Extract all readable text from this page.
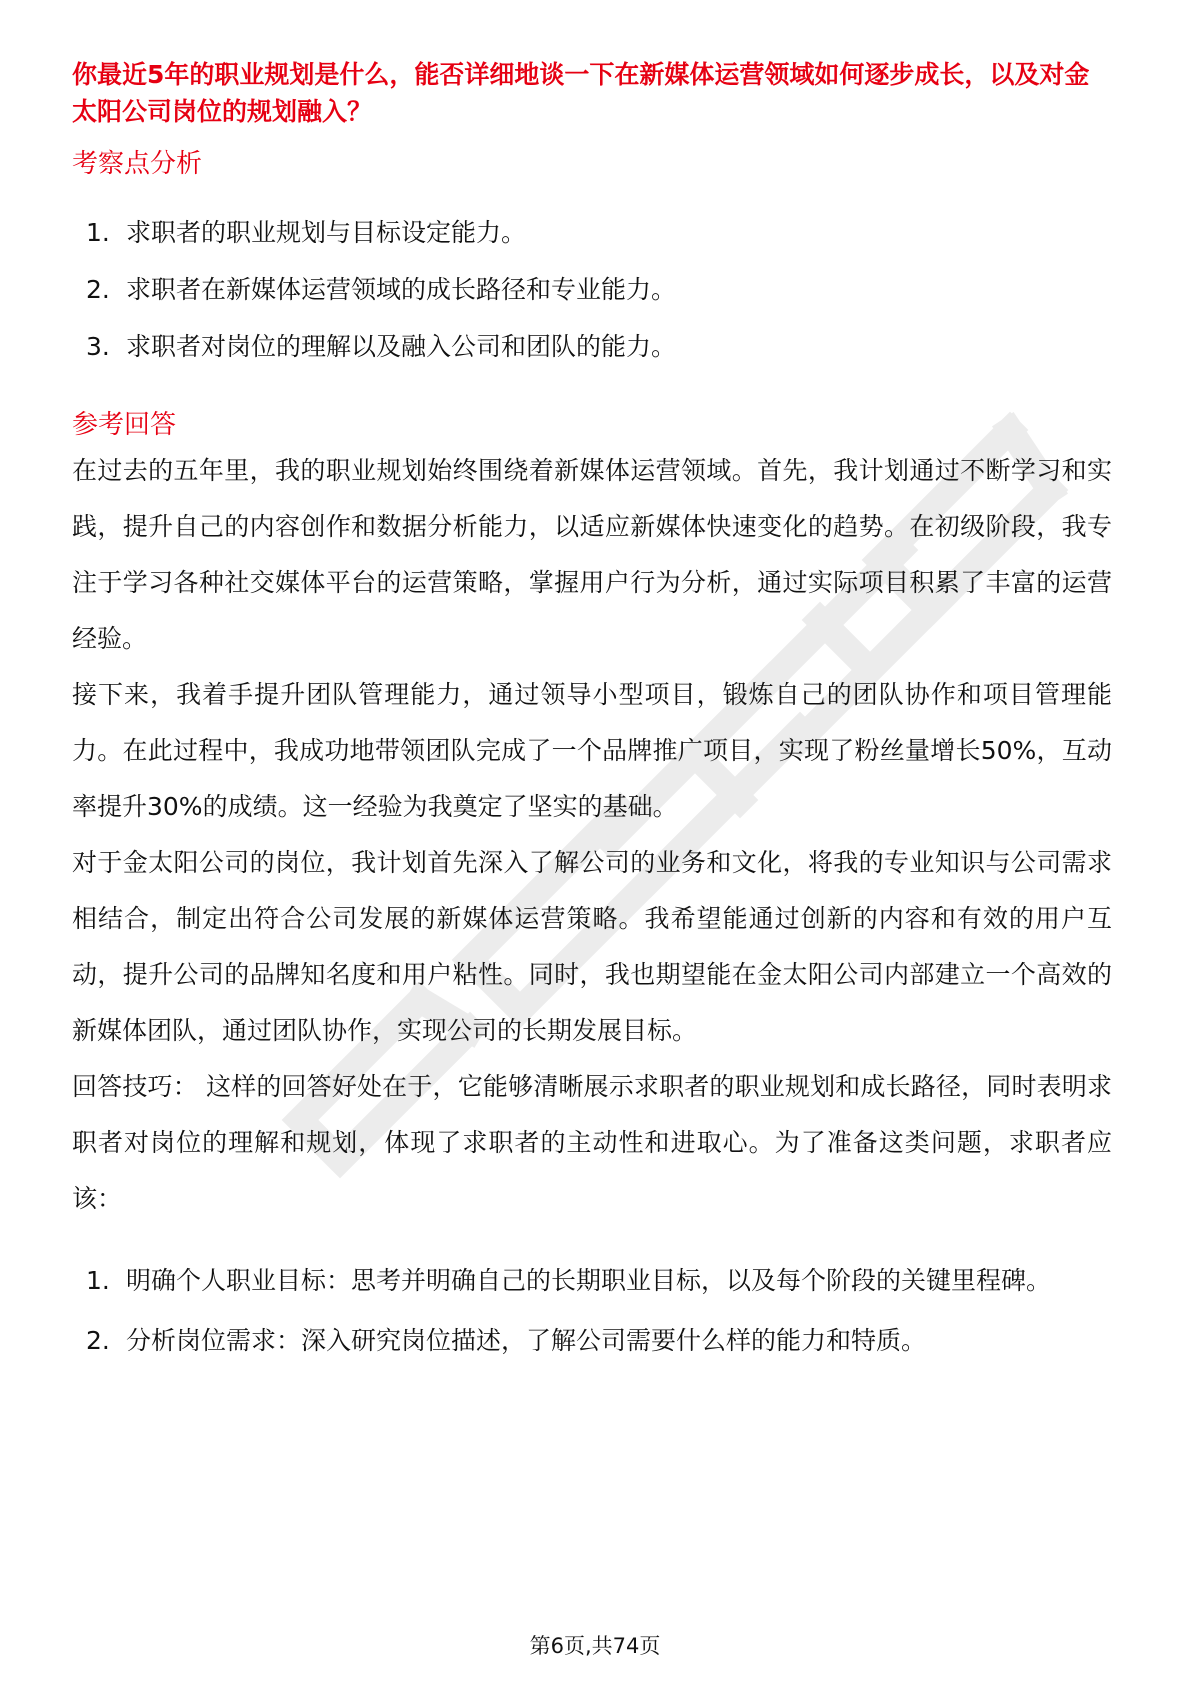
你最近5年的职业规划是什么，能否详细地谈一下在新媒体运营领域如何逐步成长，以及对金太阳公司岗位的规划融入？

考察点分析

1. 求职者的职业规划与目标设定能力。
2. 求职者在新媒体运营领域的成长路径和专业能力。
3. 求职者对岗位的理解以及融入公司和团队的能力。

参考回答

在过去的五年里，我的职业规划始终围绕着新媒体运营领域。首先，我计划通过不断学习和实践，提升自己的内容创作和数据分析能力，以适应新媒体快速变化的趋势。在初级阶段，我专注于学习各种社交媒体平台的运营策略，掌握用户行为分析，通过实际项目积累了丰富的运营经验。

接下来，我着手提升团队管理能力，通过领导小型项目，锻炼自己的团队协作和项目管理能力。在此过程中，我成功地带领团队完成了一个品牌推广项目，实现了粉丝量增长50%，互动率提升30%的成绩。这一经验为我奠定了坚实的基础。

对于金太阳公司的岗位，我计划首先深入了解公司的业务和文化，将我的专业知识与公司需求相结合，制定出符合公司发展的新媒体运营策略。我希望能通过创新的内容和有效的用户互动，提升公司的品牌知名度和用户粘性。同时，我也期望能在金太阳公司内部建立一个高效的新媒体团队，通过团队协作，实现公司的长期发展目标。

回答技巧： 这样的回答好处在于，它能够清晰展示求职者的职业规划和成长路径，同时表明求职者对岗位的理解和规划，体现了求职者的主动性和进取心。为了准备这类问题，求职者应该：

1. 明确个人职业目标：思考并明确自己的长期职业目标，以及每个阶段的关键里程碑。
2. 分析岗位需求：深入研究岗位描述，了解公司需要什么样的能力和特质。
第6页,共74页
